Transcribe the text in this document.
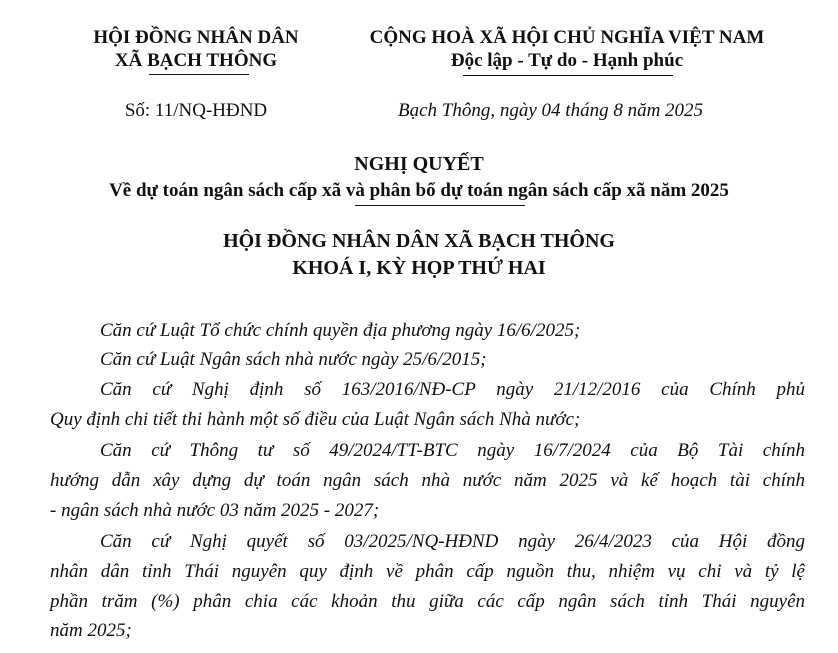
HỘI ĐỒNG NHÂN DÂN
XÃ BẠCH THÔNG
CỘNG HOÀ XÃ HỘI CHỦ NGHĨA VIỆT NAM
Độc lập - Tự do - Hạnh phúc
Số: 11/NQ-HĐND	Bạch Thông, ngày 04 tháng 8 năm 2025
NGHỊ QUYẾT
Về dự toán ngân sách cấp xã và phân bổ dự toán ngân sách cấp xã năm 2025
HỘI ĐỒNG NHÂN DÂN XÃ BẠCH THÔNG
KHOÁ I, KỲ HỌP THỨ HAI
Căn cứ Luật Tổ chức chính quyền địa phương ngày 16/6/2025;
Căn cứ Luật Ngân sách nhà nước ngày 25/6/2015;
Căn cứ Nghị định số 163/2016/NĐ-CP ngày 21/12/2016 của Chính phủ
Quy định chi tiết thi hành một số điều của Luật Ngân sách Nhà nước;
Căn cứ Thông tư số 49/2024/TT-BTC ngày 16/7/2024 của Bộ Tài chính
hướng dẫn xây dựng dự toán ngân sách nhà nước năm 2025 và kế hoạch tài chính
- ngân sách nhà nước 03 năm 2025 - 2027;
Căn cứ Nghị quyết số 03/2025/NQ-HĐND ngày 26/4/2023 của Hội đồng
nhân dân tỉnh Thái nguyên quy định về phân cấp nguồn thu, nhiệm vụ chi và tỷ lệ
phần trăm (%) phân chia các khoản thu giữa các cấp ngân sách tỉnh Thái nguyên
năm 2025;
